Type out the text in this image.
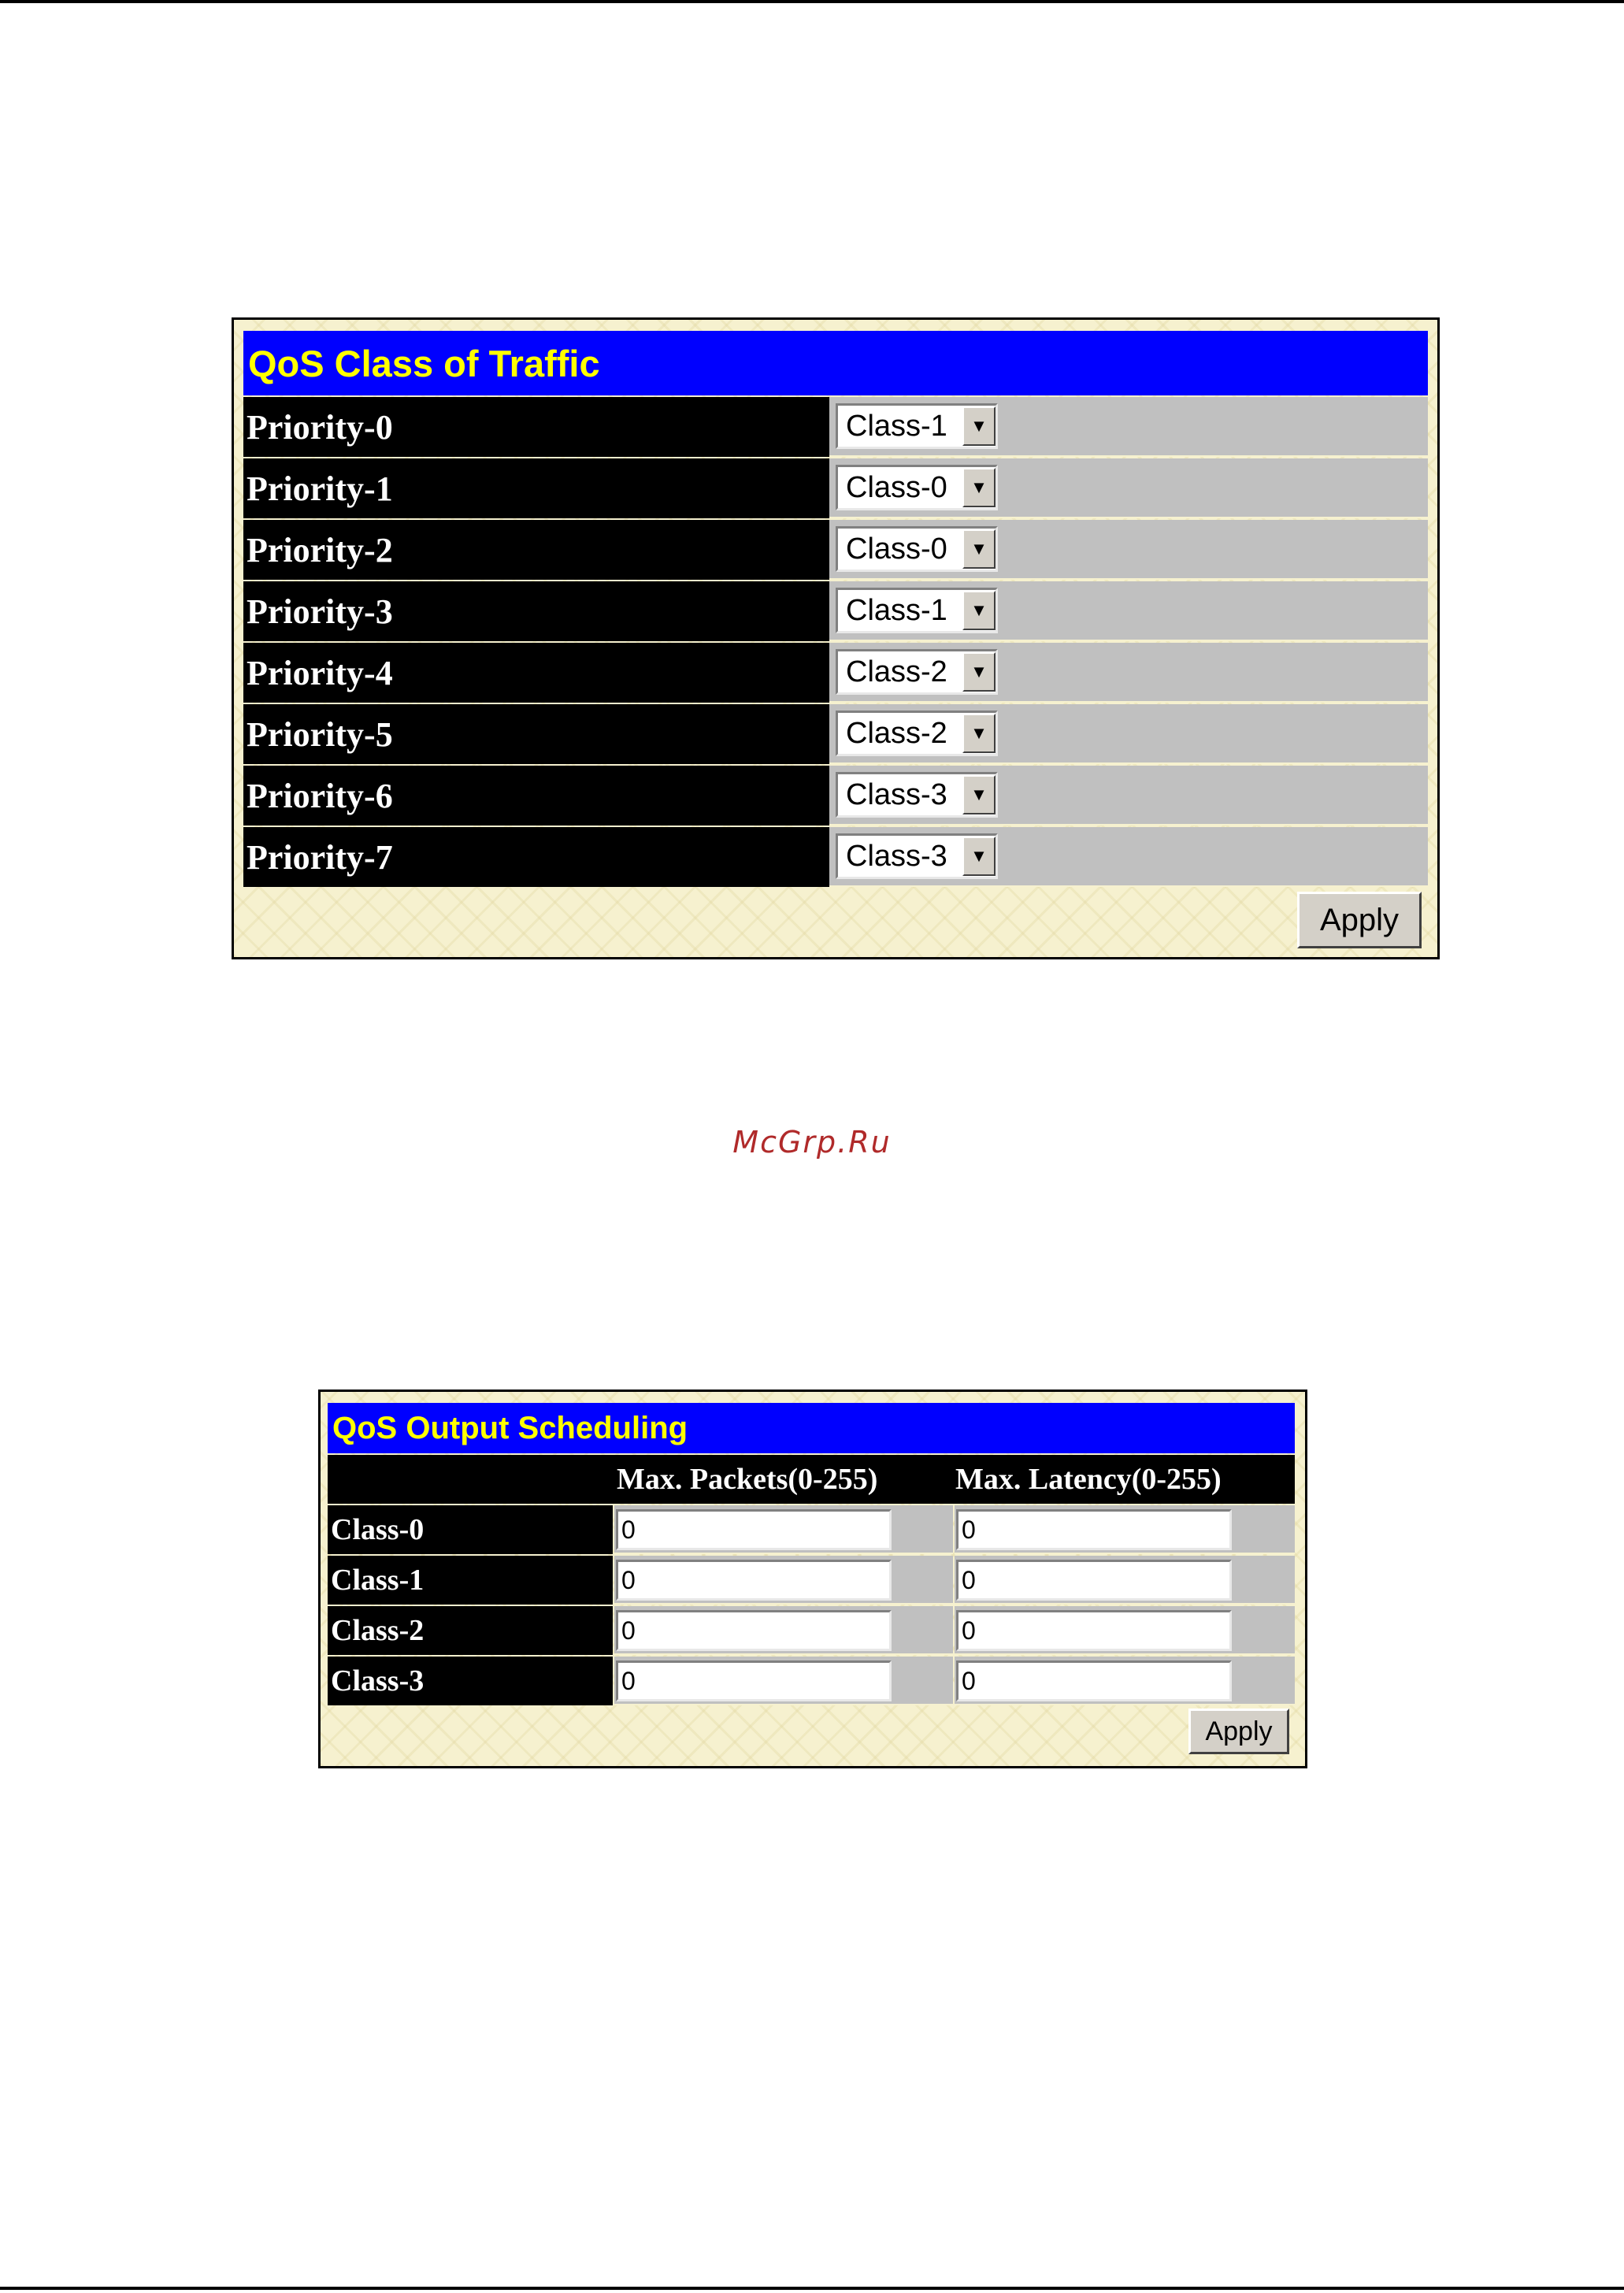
QoS Class of Traffic
Priority-0	Class-1	▼
Priority-1	Class-0	▼
Priority-2	Class-0	▼
Priority-3	Class-1	▼
Priority-4	Class-2	▼
Priority-5	Class-2	▼
Priority-6	Class-3	▼
Priority-7	Class-3	▼
Apply
McGrp.Ru
QoS Output Scheduling
Max. Packets(0-255)	Max. Latency(0-255)
Class-0	0	0
Class-1	0	0
Class-2	0	0
Class-3	0	0
Apply
